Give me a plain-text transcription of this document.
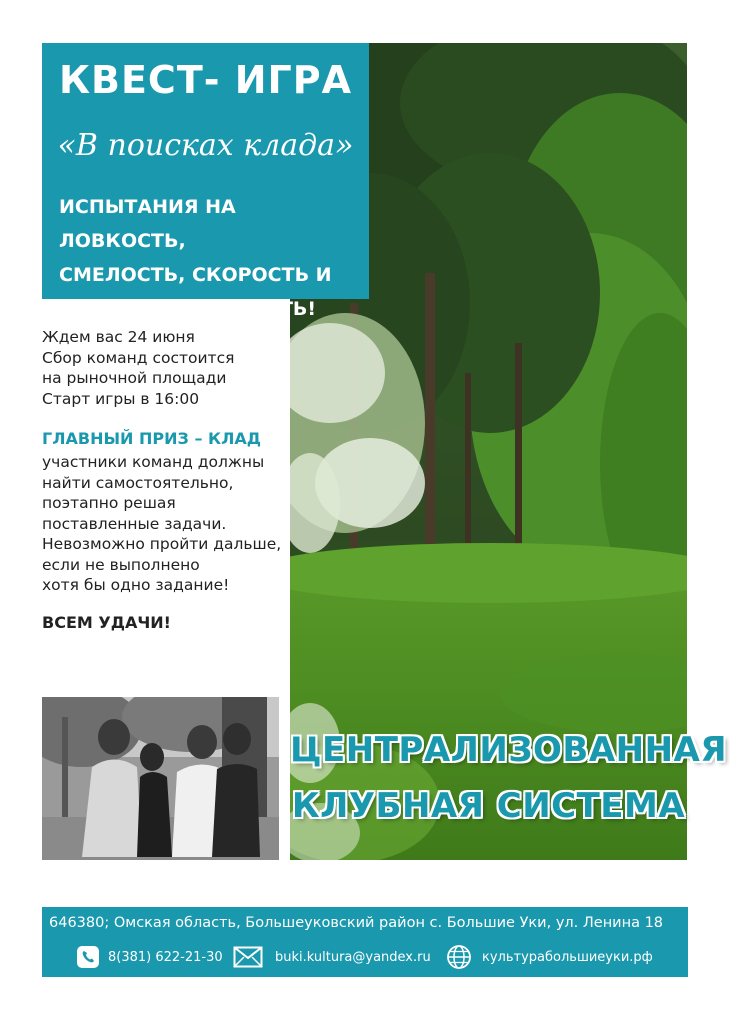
КВЕСТ- ИГРА
«В поисках клада»
ИСПЫТАНИЯ НА ЛОВКОСТЬ,
СМЕЛОСТЬ, СКОРОСТЬ И
СООБРАЗИТЕЛЬНОСТЬ!
Ждем вас 24 июня
Сбор команд состоится
на рыночной площади
Старт игры в 16:00
ГЛАВНЫЙ ПРИЗ – КЛАД
участники команд должны
найти самостоятельно,
поэтапно решая
поставленные задачи.
Невозможно пройти дальше,
если не выполнено
хотя бы одно задание!
ВСЕМ УДАЧИ!
ЦЕНТРАЛИЗОВАННАЯ
КЛУБНАЯ СИСТЕМА
646380; Омская область, Большеуковский район с. Большие Уки, ул. Ленина 18
8(381) 622-21-30	buki.kultura@yandex.ru	культурабольшиеуки.рф
